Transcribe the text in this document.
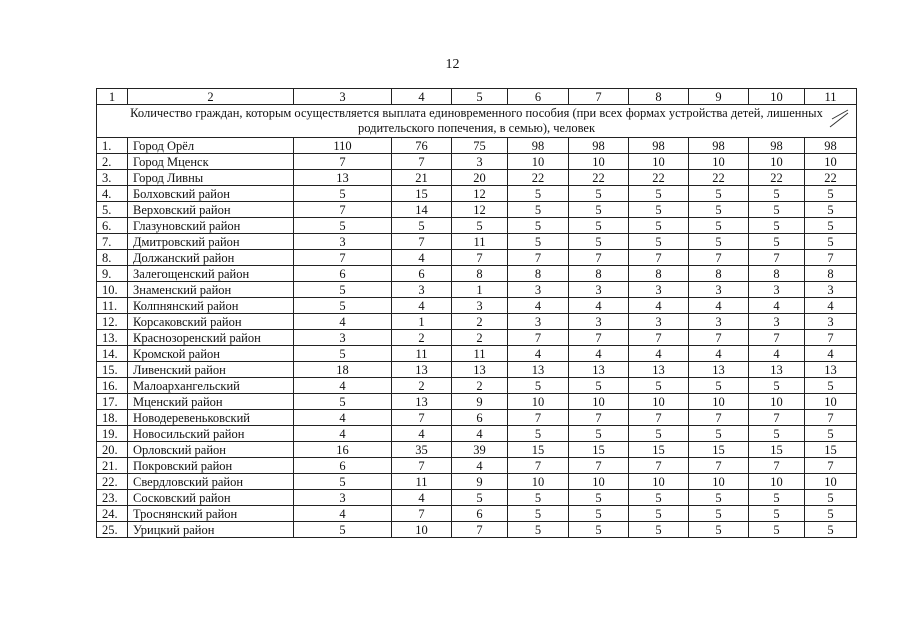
12
1	2	3	4	5	6	7	8	9	10	11
Количество граждан, которым осуществляется выплата единовременного пособия (при всех формах устройства детей, лишенных родительского попечения, в семью), человек										

1.	Город Орёл	110	76	75	98	98	98	98	98	98
2.	Город Мценск	7	7	3	10	10	10	10	10	10
3.	Город Ливны	13	21	20	22	22	22	22	22	22
4.	Болховский район	5	15	12	5	5	5	5	5	5
5.	Верховский район	7	14	12	5	5	5	5	5	5
6.	Глазуновский район	5	5	5	5	5	5	5	5	5
7.	Дмитровский район	3	7	11	5	5	5	5	5	5
8.	Должанский район	7	4	7	7	7	7	7	7	7
9.	Залегощенский район	6	6	8	8	8	8	8	8	8
10.	Знаменский район	5	3	1	3	3	3	3	3	3
11.	Колпнянский район	5	4	3	4	4	4	4	4	4
12.	Корсаковский район	4	1	2	3	3	3	3	3	3
13.	Краснозоренский район	3	2	2	7	7	7	7	7	7
14.	Кромской район	5	11	11	4	4	4	4	4	4
15.	Ливенский район	18	13	13	13	13	13	13	13	13
16.	Малоархангельский	4	2	2	5	5	5	5	5	5
17.	Мценский район	5	13	9	10	10	10	10	10	10
18.	Новодеревеньковский	4	7	6	7	7	7	7	7	7
19.	Новосильский район	4	4	4	5	5	5	5	5	5
20.	Орловский район	16	35	39	15	15	15	15	15	15
21.	Покровский район	6	7	4	7	7	7	7	7	7
22.	Свердловский район	5	11	9	10	10	10	10	10	10
23.	Сосковский район	3	4	5	5	5	5	5	5	5
24.	Троснянский район	4	7	6	5	5	5	5	5	5
25.	Урицкий район	5	10	7	5	5	5	5	5	5
